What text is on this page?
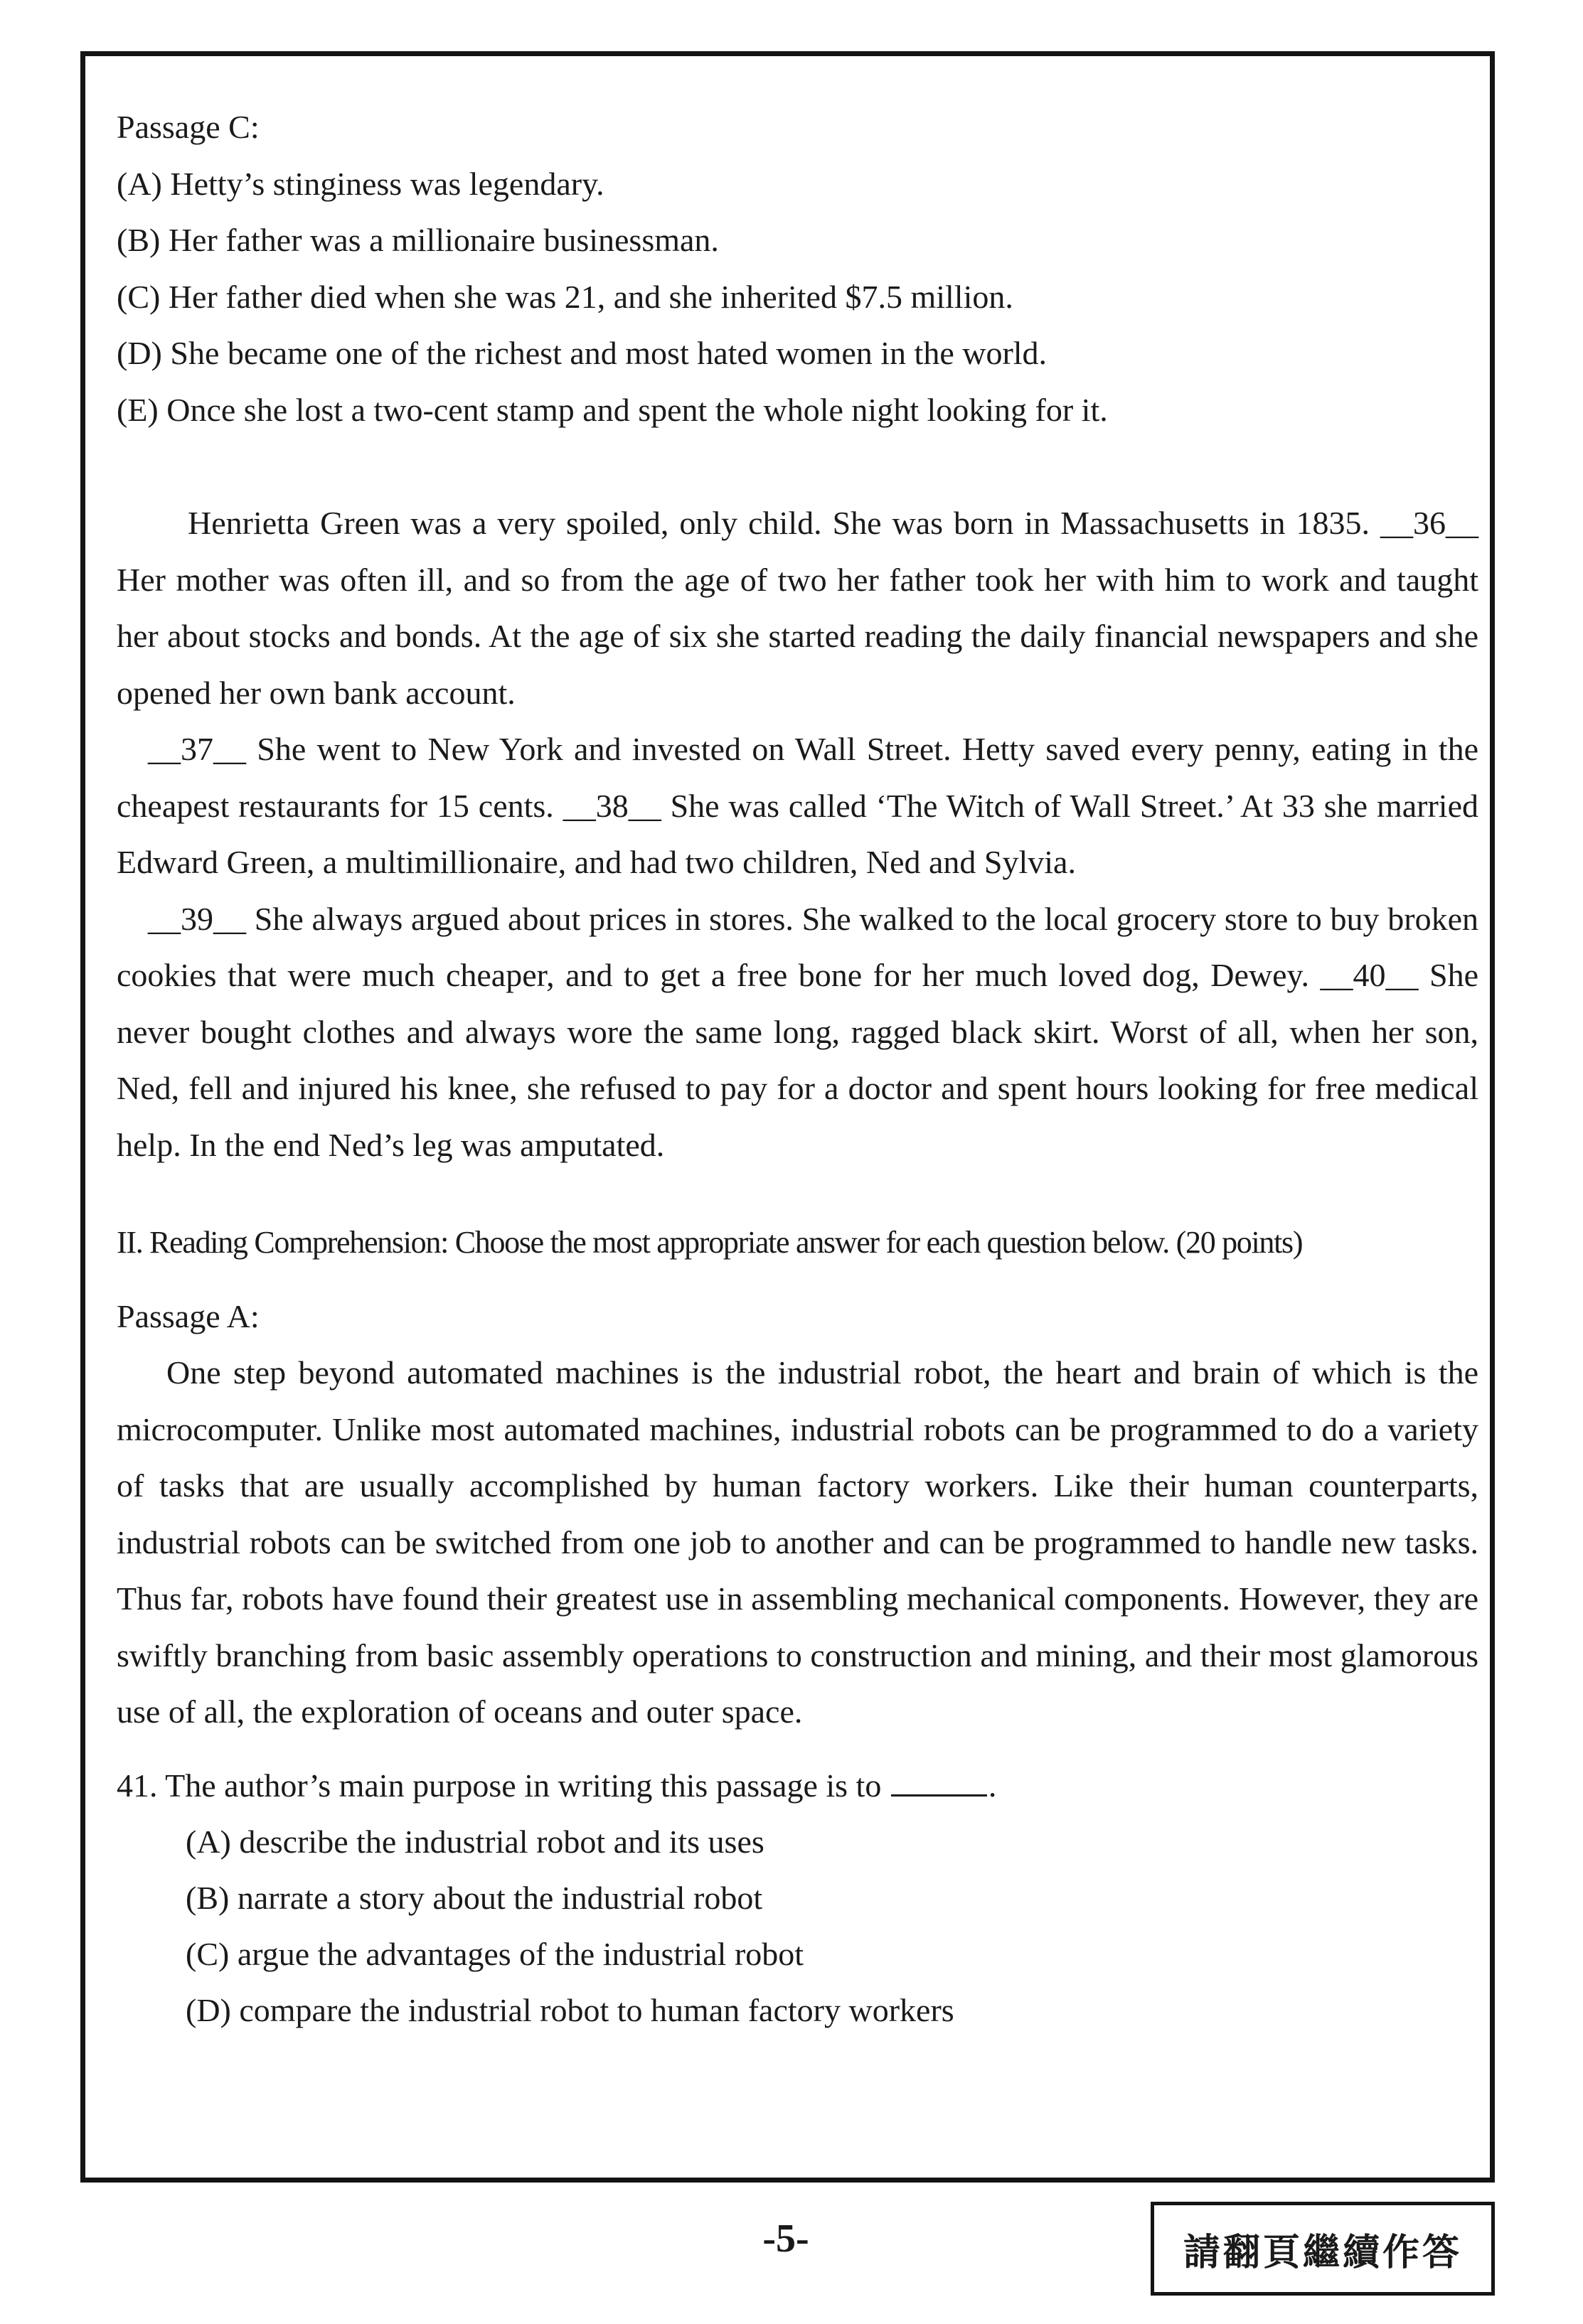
Passage C:

(A) Hetty’s stinginess was legendary.

(B) Her father was a millionaire businessman.

(C) Her father died when she was 21, and she inherited $7.5 million.

(D) She became one of the richest and most hated women in the world.

(E) Once she lost a two-cent stamp and spent the whole night looking for it.

Henrietta Green was a very spoiled, only child. She was born in Massachusetts in 1835. __36__ Her mother was often ill, and so from the age of two her father took her with him to work and taught her about stocks and bonds. At the age of six she started reading the daily financial newspapers and she opened her own bank account.

__37__ She went to New York and invested on Wall Street. Hetty saved every penny, eating in the cheapest restaurants for 15 cents. __38__ She was called ‘The Witch of Wall Street.’ At 33 she married Edward Green, a multimillionaire, and had two children, Ned and Sylvia.

__39__ She always argued about prices in stores. She walked to the local grocery store to buy broken cookies that were much cheaper, and to get a free bone for her much loved dog, Dewey. __40__ She never bought clothes and always wore the same long, ragged black skirt. Worst of all, when her son, Ned, fell and injured his knee, she refused to pay for a doctor and spent hours looking for free medical help. In the end Ned’s leg was amputated.

II. Reading Comprehension: Choose the most appropriate answer for each question below. (20 points)

Passage A:

One step beyond automated machines is the industrial robot, the heart and brain of which is the microcomputer. Unlike most automated machines, industrial robots can be programmed to do a variety of tasks that are usually accomplished by human factory workers. Like their human counterparts, industrial robots can be switched from one job to another and can be programmed to handle new tasks. Thus far, robots have found their greatest use in assembling mechanical components. However, they are swiftly branching from basic assembly operations to construction and mining, and their most glamorous use of all, the exploration of oceans and outer space.

41. The author’s main purpose in writing this passage is to	.

(A) describe the industrial robot and its uses

(B) narrate a story about the industrial robot

(C) argue the advantages of the industrial robot

(D) compare the industrial robot to human factory workers

-5-	請翻頁繼續作答
